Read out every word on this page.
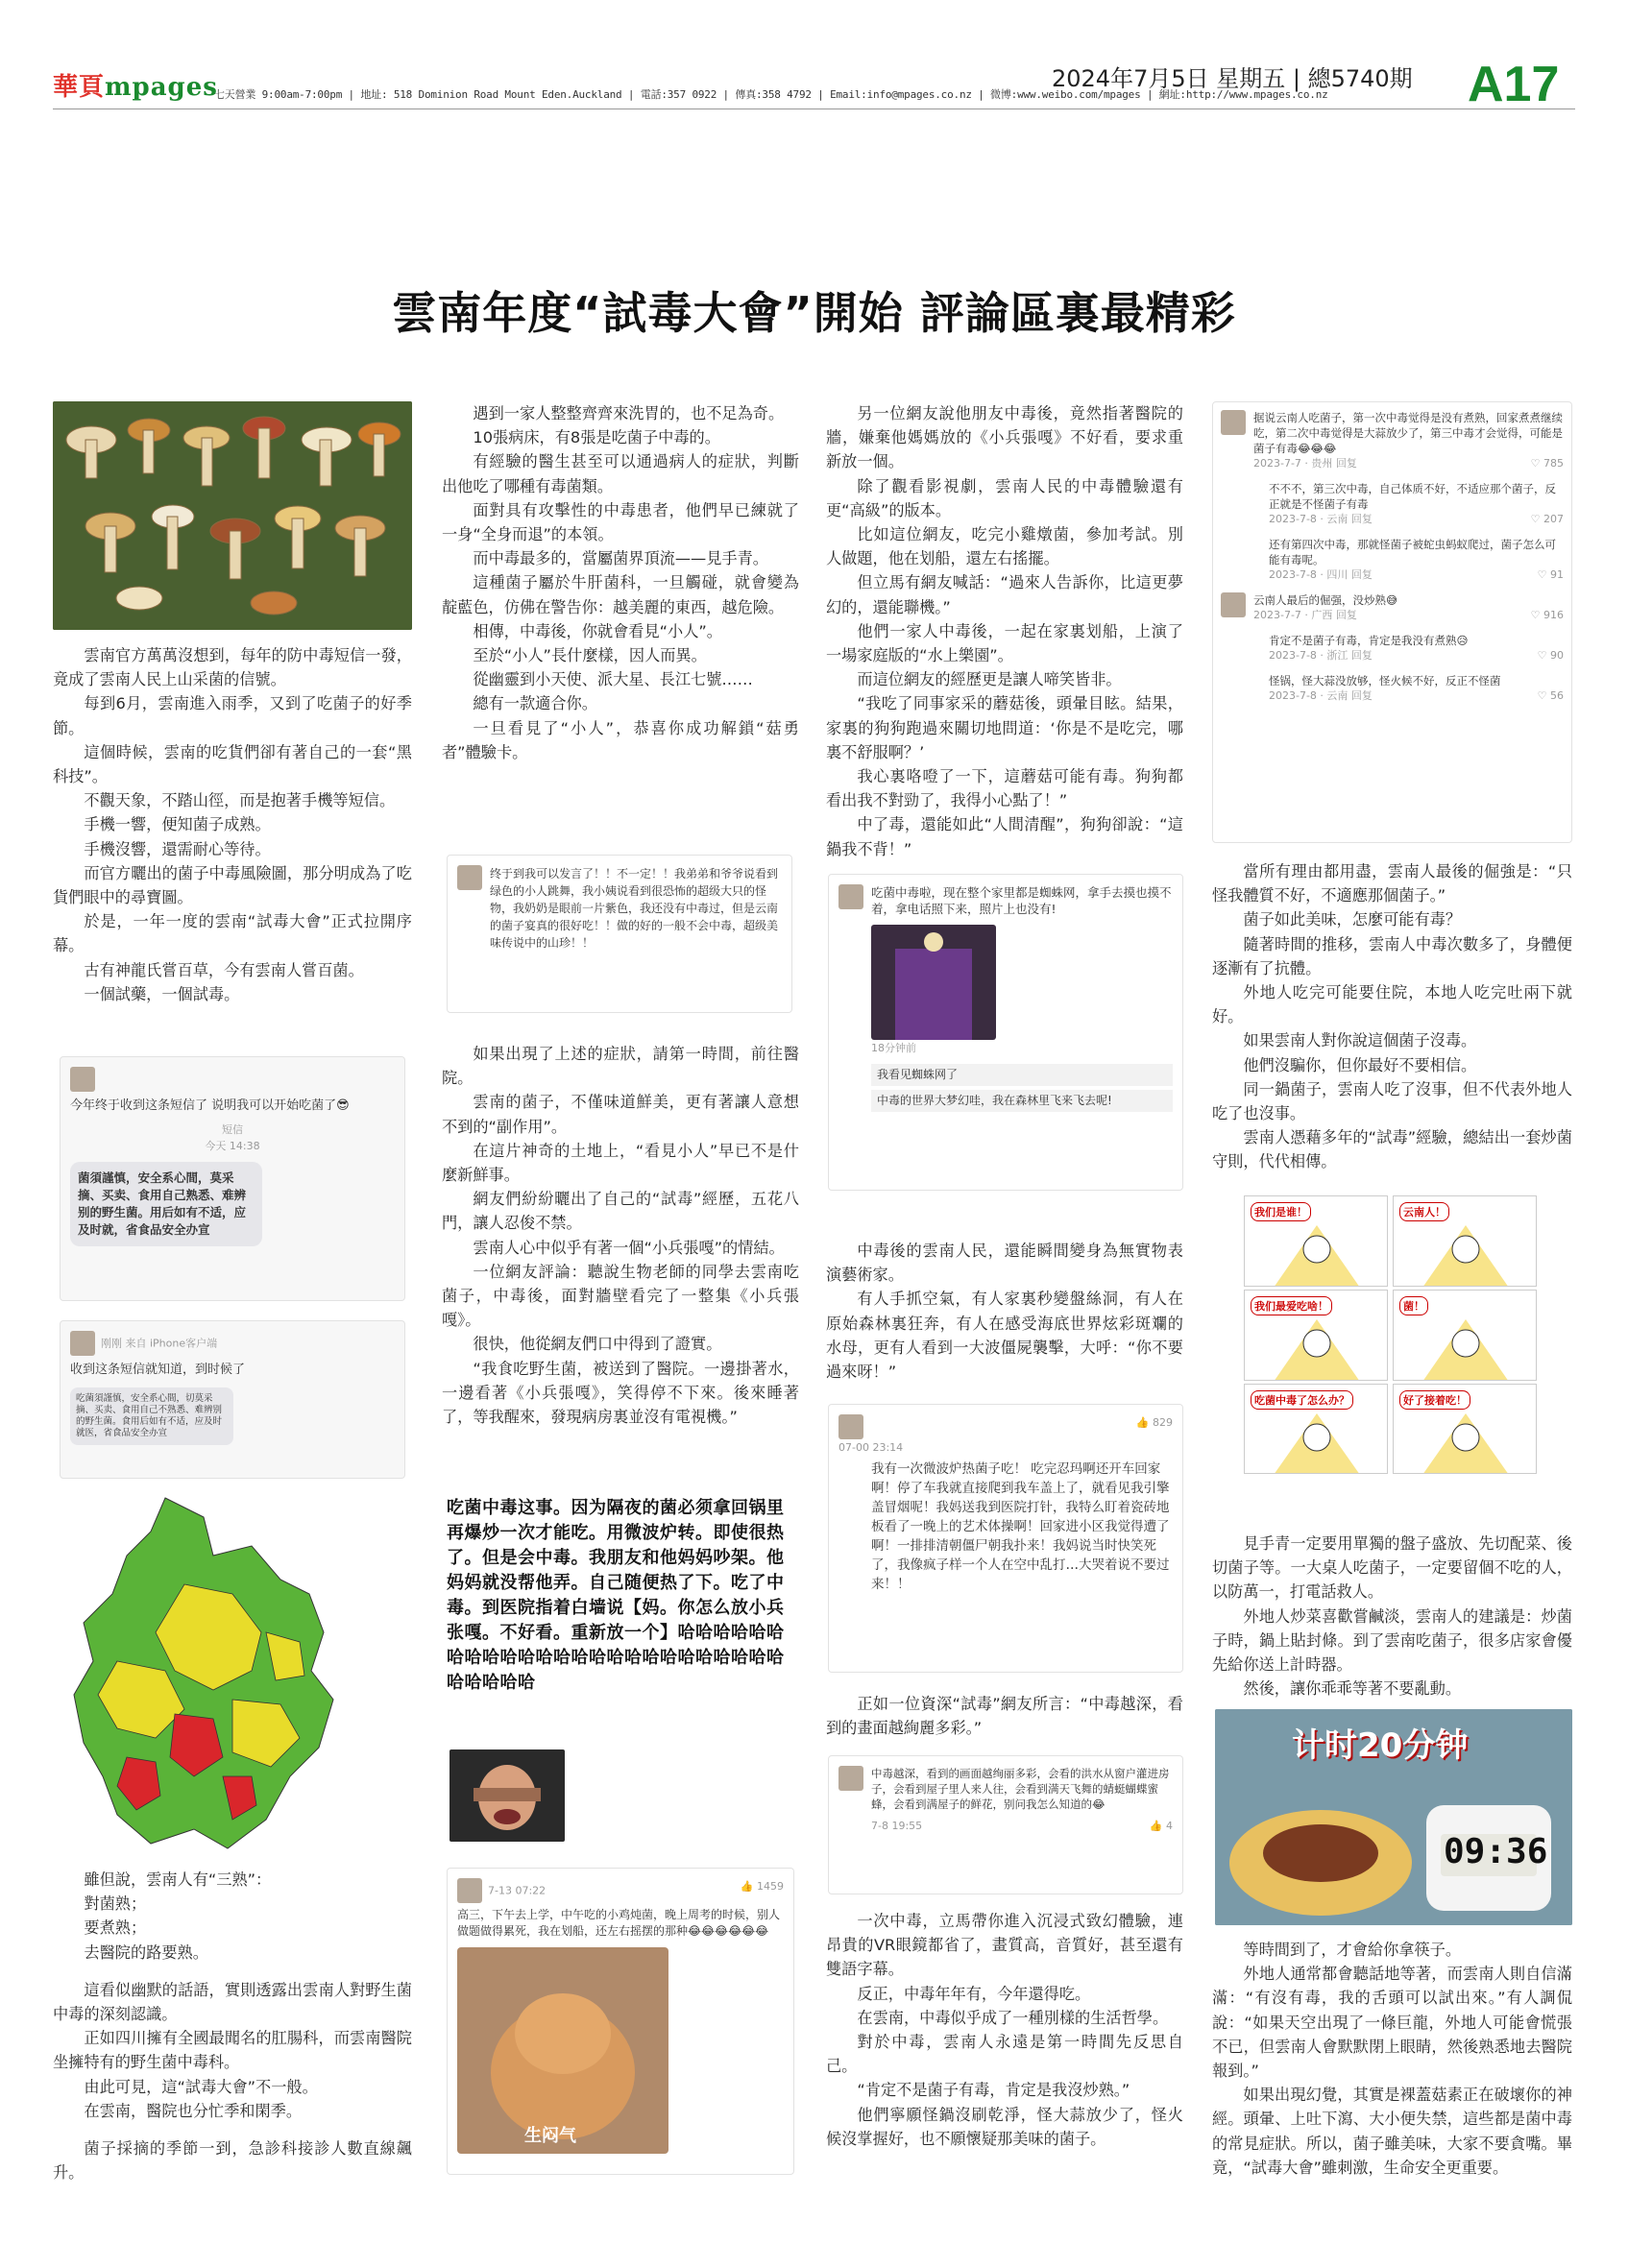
華頁mpages
七天營業 9:00am-7:00pm | 地址: 518 Dominion Road Mount Eden.Auckland | 電話:357 0922 | 傳真:358 4792 | Email:info@mpages.co.nz | 微博:www.weibo.com/mpages | 網址:http://www.mpages.co.nz
2024年7月5日 星期五 | 總5740期 A17
雲南年度“試毒大會”開始 評論區裏最精彩

雲南官方萬萬沒想到，每年的防中毒短信一發，竟成了雲南人民上山采菌的信號。

每到6月，雲南進入雨季，又到了吃菌子的好季節。

這個時候，雲南的吃貨們卻有著自己的一套“黑科技”。

不觀天象，不踏山徑，而是抱著手機等短信。

手機一響，便知菌子成熟。

手機沒響，還需耐心等待。

而官方曬出的菌子中毒風險圖，那分明成為了吃貨們眼中的尋寶圖。

於是，一年一度的雲南“試毒大會”正式拉開序幕。

古有神龍氏嘗百草，今有雲南人嘗百菌。

一個試藥，一個試毒。

今年终于收到这条短信了 说明我可以开始吃菌了😎
短信
今天 14:38
菌須謹慎，安全系心間，莫采摘、买卖、食用自己熟悉、难辨别的野生菌。用后如有不适，应及时就，省食品安全办宣
刚刚 来自 iPhone客户端
收到这条短信就知道，到时候了
吃菌須謹慎，安全系心間，切莫采摘、买卖、食用自己不熟悉、难辨别的野生菌。食用后如有不适，应及时就医，省食品安全办宣

雖但說，雲南人有“三熟”：

對菌熟；

要煮熟；

去醫院的路要熟。

這看似幽默的話語，實則透露出雲南人對野生菌中毒的深刻認識。

正如四川擁有全國最聞名的肛腸科，而雲南醫院坐擁特有的野生菌中毒科。

由此可見，這“試毒大會”不一般。

在雲南，醫院也分忙季和閑季。

菌子採摘的季節一到，急診科接診人數直線飆升。

遇到一家人整整齊齊來洗胃的，也不足為奇。

10張病床，有8張是吃菌子中毒的。

有經驗的醫生甚至可以通過病人的症狀，判斷出他吃了哪種有毒菌類。

面對具有攻擊性的中毒患者，他們早已練就了一身“全身而退”的本領。

而中毒最多的，當屬菌界頂流——見手青。

這種菌子屬於牛肝菌科，一旦觸碰，就會變為靛藍色，仿佛在警告你：越美麗的東西，越危險。

相傳，中毒後，你就會看見“小人”。

至於“小人”長什麼樣，因人而異。

從幽靈到小天使、派大星、長江七號……

總有一款適合你。

一旦看見了“小人”，恭喜你成功解鎖“菇勇者”體驗卡。

终于到我可以发言了！！不一定！！我弟弟和爷爷说看到绿色的小人跳舞，我小姨说看到很恐怖的超级大只的怪物，我奶奶是眼前一片紫色，我还没有中毒过，但是云南的菌子宴真的很好吃！！做的好的一般不会中毒，超级美味传说中的山珍！！

如果出現了上述的症狀，請第一時間，前往醫院。

雲南的菌子，不僅味道鮮美，更有著讓人意想不到的“副作用”。

在這片神奇的土地上，“看見小人”早已不是什麼新鮮事。

網友們紛紛曬出了自己的“試毒”經歷，五花八門，讓人忍俊不禁。

雲南人心中似乎有著一個“小兵張嘎”的情結。

一位網友評論：聽說生物老師的同學去雲南吃菌子，中毒後，面對牆壁看完了一整集《小兵張嘎》。

很快，他從網友們口中得到了證實。

“我食吃野生菌，被送到了醫院。一邊掛著水，一邊看著《小兵張嘎》，笑得停不下來。後來睡著了，等我醒來，發現病房裏並沒有電視機。”

吃菌中毒这事。因为隔夜的菌必须拿回锅里再爆炒一次才能吃。用微波炉转。即使很热了。但是会中毒。我朋友和他妈妈吵架。他妈妈就没帮他弄。自己随便热了下。吃了中毒。到医院指着白墙说【妈。你怎么放小兵张嘎。不好看。重新放一个】哈哈哈哈哈哈哈哈哈哈哈哈哈哈哈哈哈哈哈哈哈哈哈哈哈哈哈哈哈哈
7-13 07:22	👍 1459
高三，下午去上学，中午吃的小鸡炖菌，晚上周考的时候，别人做题做得累死，我在划船，还左右摇摆的那种😂😂😂😂😂😂
生闷气

另一位網友說他朋友中毒後，竟然指著醫院的牆，嫌棄他媽媽放的《小兵張嘎》不好看，要求重新放一個。

除了觀看影視劇，雲南人民的中毒體驗還有更“高級”的版本。

比如這位網友，吃完小雞燉菌，參加考試。別人做題，他在划船，還左右搖擺。

但立馬有網友喊話：“過來人告訴你，比這更夢幻的，還能聯機。”

他們一家人中毒後，一起在家裏划船，上演了一場家庭版的“水上樂園”。

而這位網友的經歷更是讓人啼笑皆非。

“我吃了同事家采的蘑菇後，頭暈目眩。結果，家裏的狗狗跑過來關切地問道：‘你是不是吃完，哪裏不舒服啊？’

我心裏咯噔了一下，這蘑菇可能有毒。狗狗都看出我不對勁了，我得小心點了！”

中了毒，還能如此“人間清醒”，狗狗卻說：“這鍋我不背！”

吃菌中毒啦，现在整个家里都是蜘蛛网，拿手去摸也摸不着，拿电话照下来，照片上也没有!
18分钟前
我看见蜘蛛网了
中毒的世界大梦幻哇，我在森林里飞来飞去呢!

中毒後的雲南人民，還能瞬間變身為無實物表演藝術家。

有人手抓空氣，有人家裏秒變盤絲洞，有人在原始森林裏狂奔，有人在感受海底世界炫彩斑斕的水母，更有人看到一大波僵屍襲擊，大呼：“你不要過來呀！”

👍 829
07-00 23:14
我有一次微波炉热菌子吃！ 吃完忍玛啊还开车回家啊！停了车我就直接爬到我车盖上了，就看见我引擎盖冒烟呢！我妈送我到医院打针，我特么盯着瓷砖地板看了一晚上的艺术体操啊！回家进小区我觉得遭了啊！一排排清朝僵尸朝我扑来！我妈说当时快笑死了，我像疯子样一个人在空中乱打…大哭着说不要过来！！

正如一位資深“試毒”網友所言：“中毒越深，看到的畫面越絢麗多彩。”

中毒越深，看到的画面越绚丽多彩，会看的洪水从窗户灌进房子，会看到屋子里人来人往，会看到满天飞舞的蜻蜓蝴蝶蜜蜂，会看到满屋子的鲜花，别问我怎么知道的😂
7-8 19:55	👍 4

一次中毒，立馬帶你進入沉浸式致幻體驗，連昂貴的VR眼鏡都省了，畫質高，音質好，甚至還有雙語字幕。

反正，中毒年年有，今年還得吃。

在雲南，中毒似乎成了一種別樣的生活哲學。

對於中毒，雲南人永遠是第一時間先反思自己。

“肯定不是菌子有毒，肯定是我沒炒熟。”

他們寧願怪鍋沒刷乾淨，怪大蒜放少了，怪火候沒掌握好，也不願懷疑那美味的菌子。

据说云南人吃菌子，第一次中毒觉得是没有煮熟，回家煮煮继续吃，第二次中毒觉得是大蒜放少了，第三中毒才会觉得，可能是菌子有毒😂😂😂
2023-7-7 · 贵州 回复	♡ 785
不不不，第三次中毒，自己体质不好，不适应那个菌子，反正就是不怪菌子有毒
2023-7-8 · 云南 回复	♡ 207
还有第四次中毒，那就怪菌子被蛇虫蚂蚁爬过，菌子怎么可能有毒呢。
2023-7-8 · 四川 回复	♡ 91
云南人最后的倔强，没炒熟😅
2023-7-7 · 广西 回复	♡ 916
肯定不是菌子有毒，肯定是我没有煮熟😥
2023-7-8 · 浙江 回复	♡ 90
怪锅，怪大蒜没放够，怪火候不好，反正不怪菌
2023-7-8 · 云南 回复	♡ 56

當所有理由都用盡，雲南人最後的倔強是：“只怪我體質不好，不適應那個菌子。”

菌子如此美味，怎麼可能有毒？

隨著時間的推移，雲南人中毒次數多了，身體便逐漸有了抗體。

外地人吃完可能要住院，本地人吃完吐兩下就好。

如果雲南人對你說這個菌子沒毒。

他們沒騙你，但你最好不要相信。

同一鍋菌子，雲南人吃了沒事，但不代表外地人吃了也沒事。

雲南人憑藉多年的“試毒”經驗，總結出一套炒菌守則，代代相傳。

我们是谁！	云南人！
我们最爱吃啥！	菌！
吃菌中毒了怎么办？	好了接着吃！

見手青一定要用單獨的盤子盛放、先切配菜、後切菌子等。一大桌人吃菌子，一定要留個不吃的人，以防萬一，打電話救人。

外地人炒菜喜歡嘗鹹淡，雲南人的建議是：炒菌子時，鍋上貼封條。到了雲南吃菌子，很多店家會優先給你送上計時器。

然後，讓你乖乖等著不要亂動。

计时20分钟
09:36

等時間到了，才會給你拿筷子。

外地人通常都會聽話地等著，而雲南人則自信滿滿：“有沒有毒，我的舌頭可以試出來。”有人調侃說：“如果天空出現了一條巨龍，外地人可能會慌張不已，但雲南人會默默閉上眼睛，然後熟悉地去醫院報到。”

如果出現幻覺，其實是裸蓋菇素正在破壞你的神經。頭暈、上吐下瀉、大小便失禁，這些都是菌中毒的常見症狀。所以，菌子雖美味，大家不要貪嘴。畢竟，“試毒大會”雖刺激，生命安全更重要。
